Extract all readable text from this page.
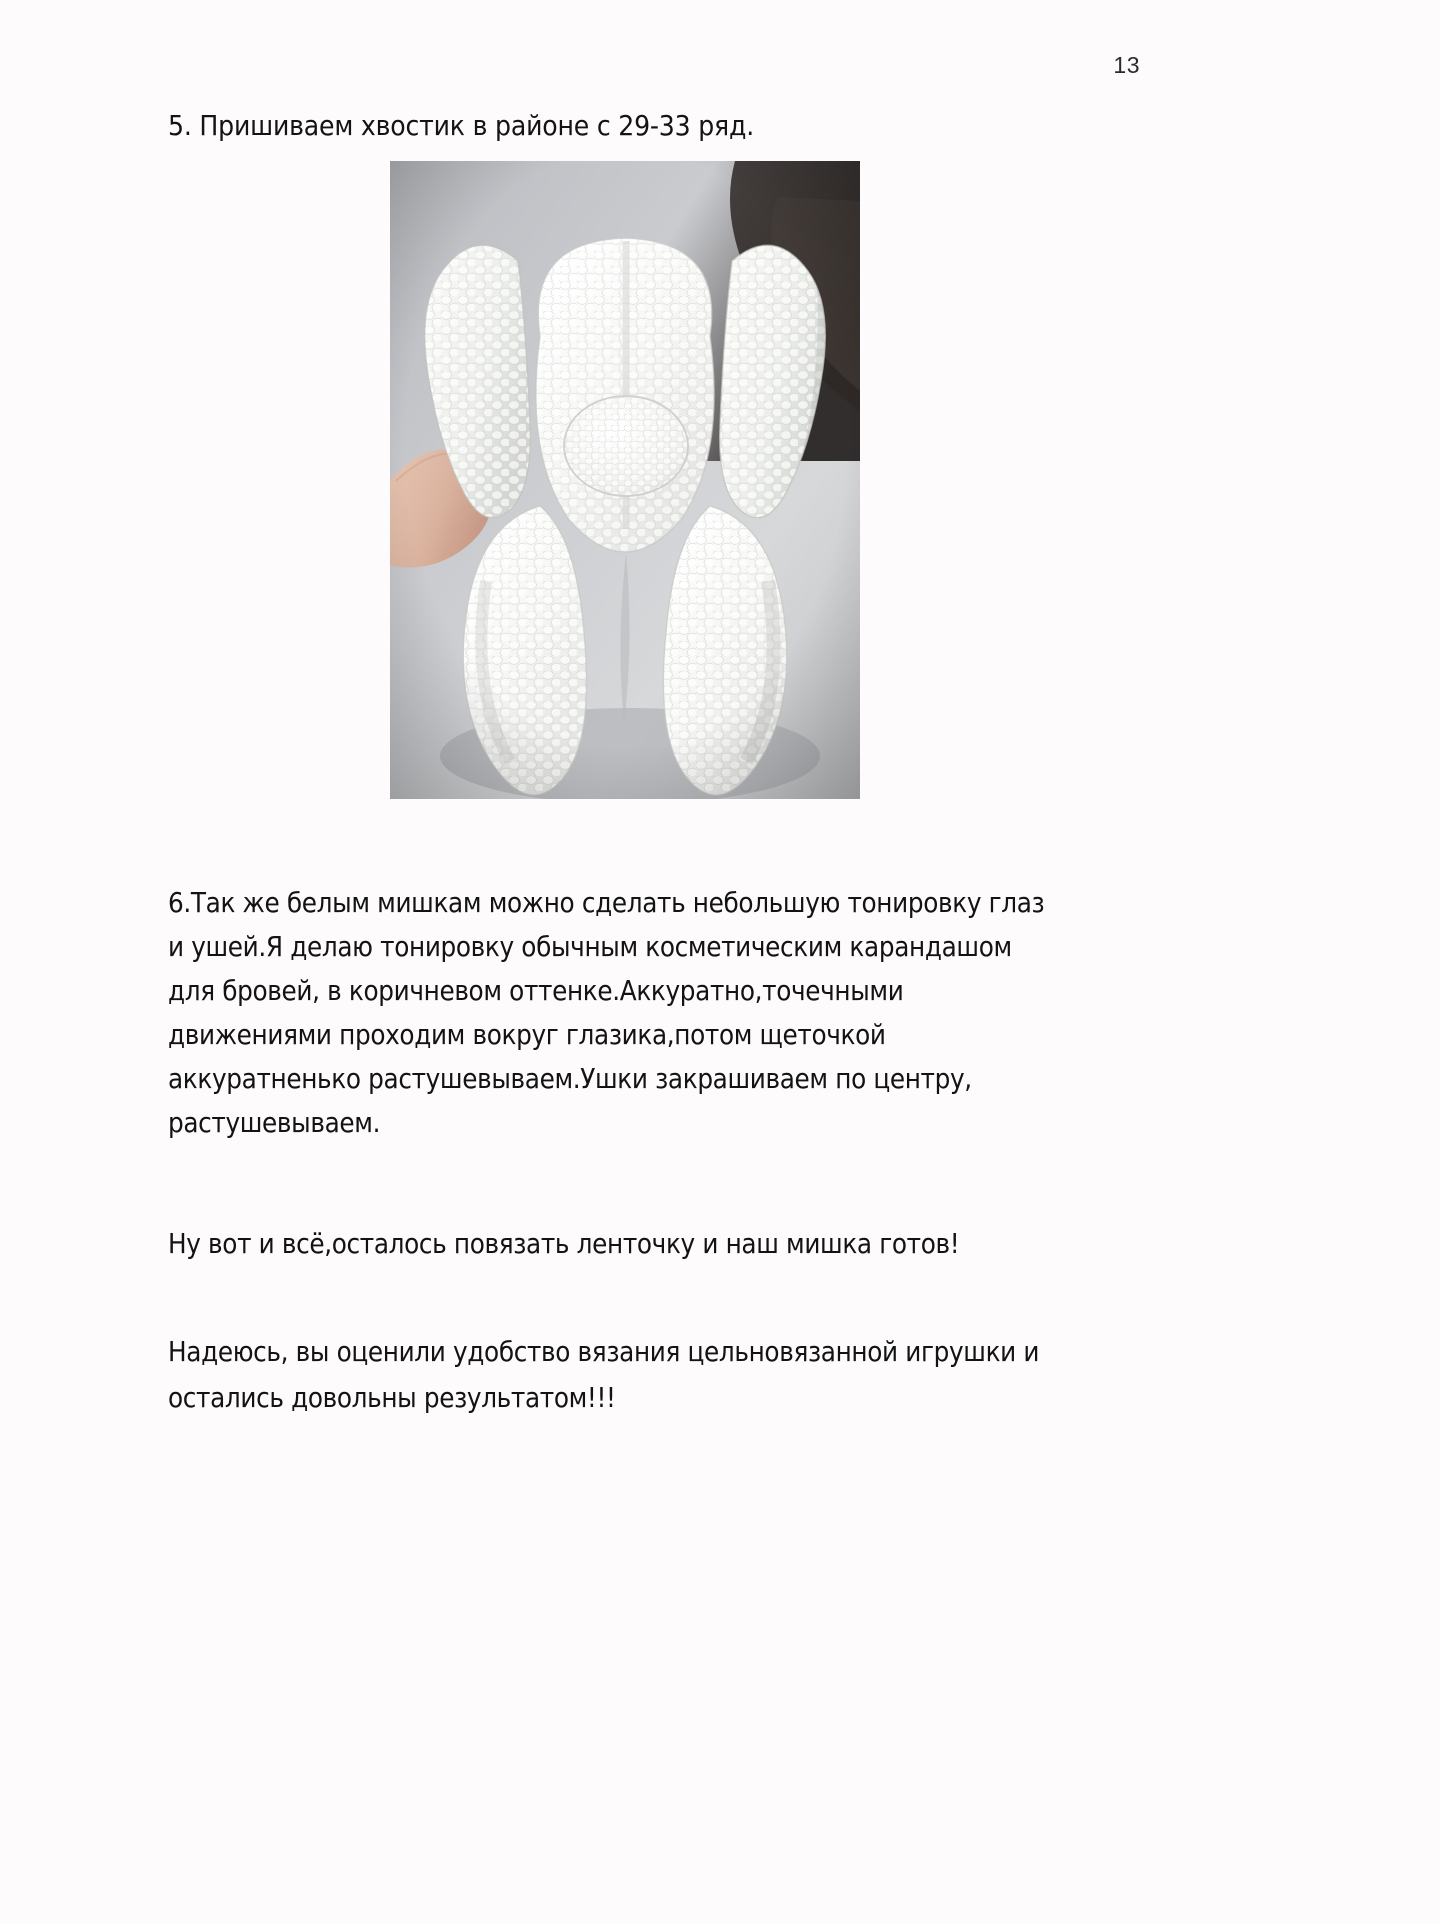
13

5. Пришиваем хвостик в районе с 29-33 ряд.

6.Так же белым мишкам можно сделать небольшую тонировку глаз
и ушей.Я делаю тонировку обычным косметическим карандашом
для бровей, в коричневом оттенке.Аккуратно,точечными
движениями проходим вокруг глазика,потом щеточкой
аккуратненько растушевываем.Ушки закрашиваем по центру,
растушевываем.

Ну вот и всё,осталось повязать ленточку и наш мишка готов!

Надеюсь, вы оценили удобство вязания цельновязанной игрушки и
остались довольны результатом!!!
